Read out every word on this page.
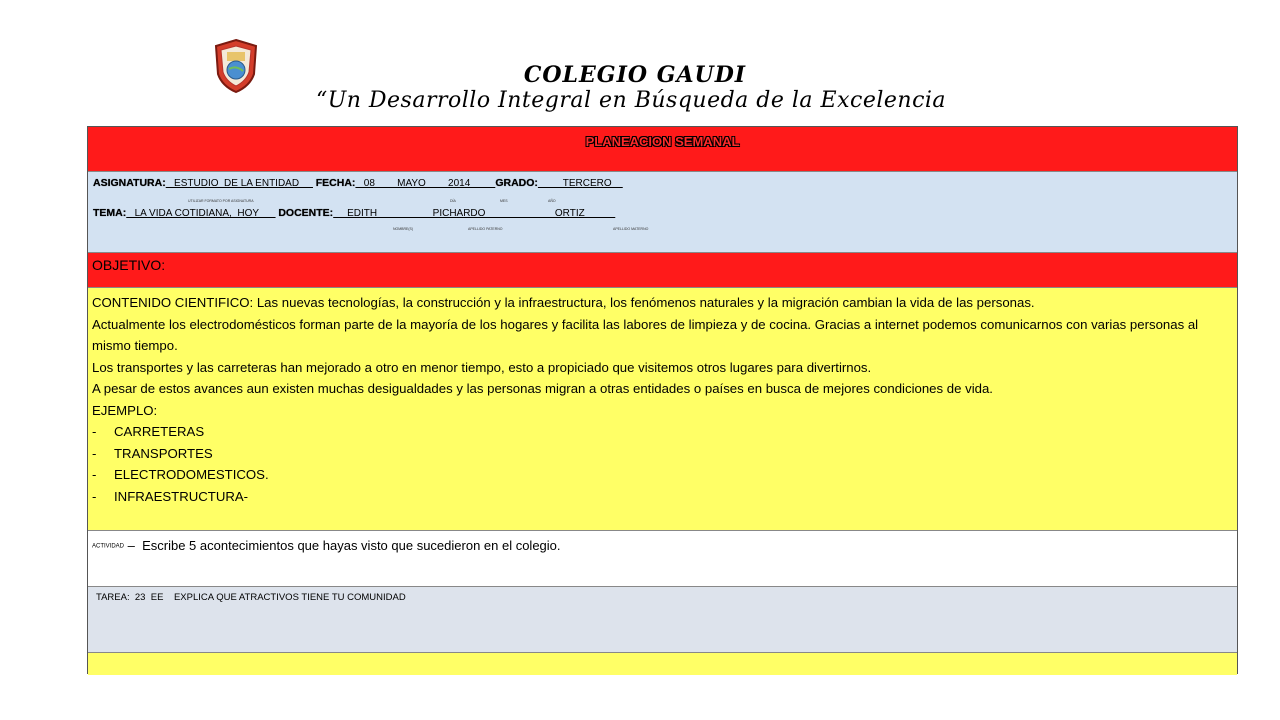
COLEGIO GAUDI
“Un Desarrollo Integral en Búsqueda de la Excelencia
PLANEACION SEMANAL
ASIGNATURA:   ESTUDIO  DE LA ENTIDAD      FECHA:   08        MAYO        2014         GRADO:         TERCERO
UTILIZAR FORMATO POR ASIGNATURA	DÍA	MES	AÑO
TEMA:   LA VIDA COTIDIANA,  HOY       DOCENTE:     EDITH                    PICHARDO                         ORTIZ
NOMBRE(S)	APELLIDO PATERNO	APELLIDO MATERNO
OBJETIVO:

CONTENIDO CIENTIFICO: Las nuevas tecnologías, la construcción y la infraestructura, los fenómenos naturales y la migración cambian la vida de las personas.

Actualmente los electrodomésticos forman parte de la mayoría de los hogares y facilita las labores de limpieza y de cocina. Gracias a internet podemos comunicarnos con varias personas al mismo tiempo.

Los transportes y las carreteras han mejorado a otro en menor tiempo, esto a propiciado que visitemos otros lugares para divertirnos.

A pesar de estos avances aun existen muchas desigualdades y las personas migran a otras entidades o países en busca de mejores condiciones de vida.

EJEMPLO:

-	CARRETERAS
-	TRANSPORTES
-	ELECTRODOMESTICOS.
-	INFRAESTRUCTURA-
ACTIVIDAD –  Escribe 5 acontecimientos que hayas visto que sucedieron en el colegio.
TAREA:  23  EE    EXPLICA QUE ATRACTIVOS TIENE TU COMUNIDAD
